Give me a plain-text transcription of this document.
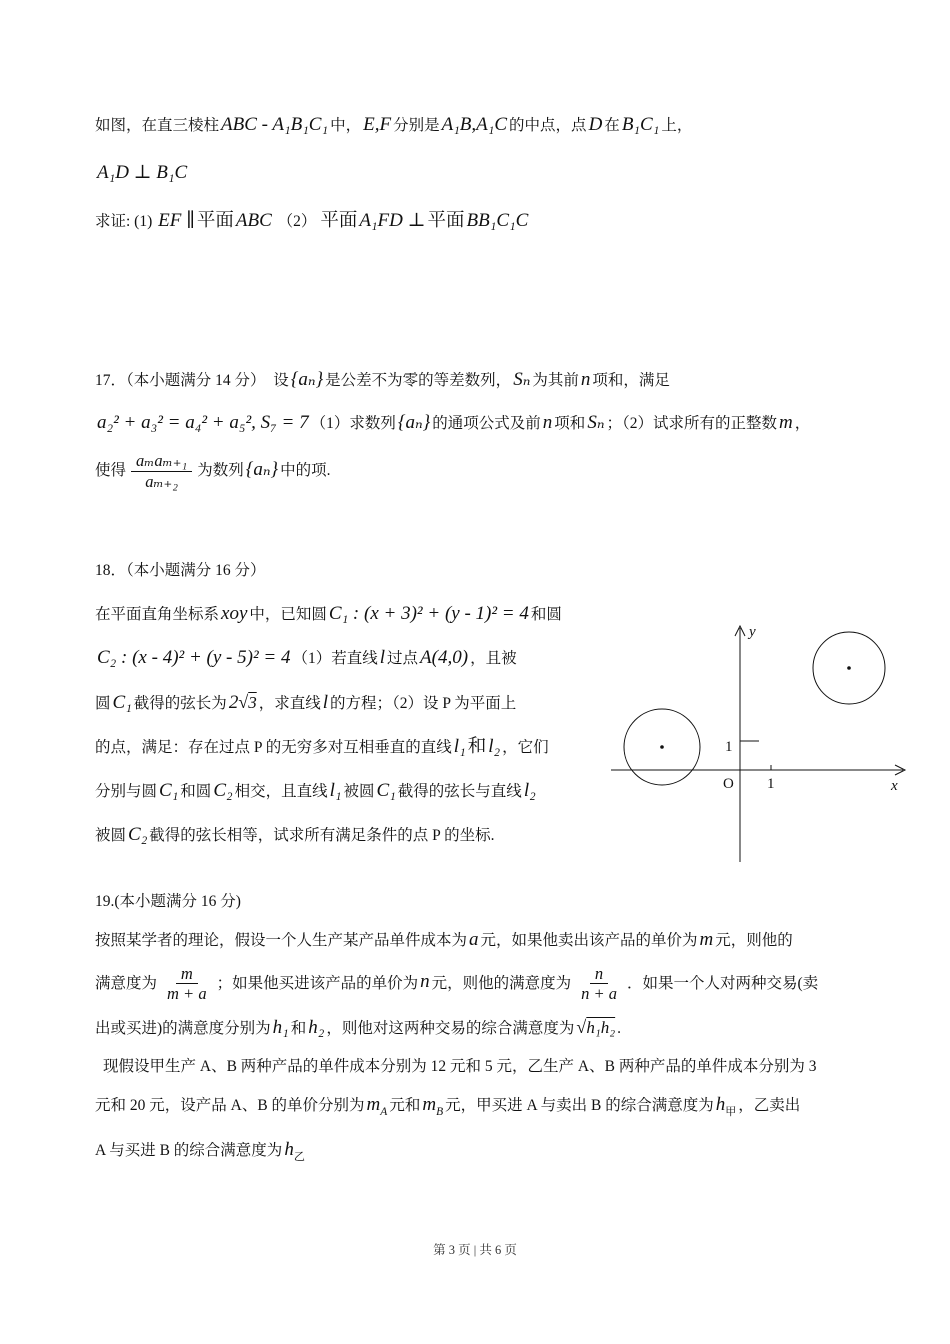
如图，在直三棱柱 ABC - A₁B₁C₁ 中， E,F 分别是 A₁B,A₁C 的中点，点 D 在 B₁C₁ 上，

A₁D ⊥ B₁C

求证: (1) EF ∥ 平面 ABC （2） 平面 A₁FD ⊥ 平面 BB₁C₁C

17．（本小题满分 14 分）　设 {aₙ} 是公差不为零的等差数列， Sₙ 为其前 n 项和，满足

a₂² + a₃² = a₄² + a₅², S₇ = 7 （1）求数列 {aₙ} 的通项公式及前 n 项和 Sₙ ；（2）试求所有的正整数 m ，

使得 $\frac{\text{aₘaₘ₊₁}}{\text{aₘ₊₂}}$ 为数列 {aₙ} 中的项.

18．（本小题满分 16 分）

在平面直角坐标系 xoy 中，已知圆 C₁ : (x + 3)² + (y - 1)² = 4 和圆

C₂ : (x - 4)² + (y - 5)² = 4 （1）若直线 l 过点 A(4,0) ，且被

圆 C₁ 截得的弦长为 2√3 ，求直线 l 的方程；（2）设 P 为平面上

的点，满足：存在过点 P 的无穷多对互相垂直的直线 l₁ 和 l₂ ，它们

分别与圆 C₁ 和圆 C₂ 相交，且直线 l₁ 被圆 C₁ 截得的弦长与直线 l₂

被圆 C₂ 截得的弦长相等，试求所有满足条件的点 P 的坐标.

y
x
O 1
1

19.(本小题满分 16 分)

按照某学者的理论，假设一个人生产某产品单件成本为 a 元，如果他卖出该产品的单价为 m 元，则他的

满意度为 $\frac{m}{m + a}$ ；如果他买进该产品的单价为 n 元，则他的满意度为 $\frac{n}{n + a}$ ．如果一个人对两种交易(卖

出或买进)的满意度分别为 h₁ 和 h₂ ，则他对这两种交易的综合满意度为 √h₁h₂ .

现假设甲生产 A、B 两种产品的单件成本分别为 12 元和 5 元，乙生产 A、B 两种产品的单件成本分别为 3

元和 20 元，设产品 A、B 的单价分别为 $m_A$ 元和 $m_B$ 元，甲买进 A 与卖出 B 的综合满意度为 $h_甲$ ，乙卖出

A 与买进 B 的综合满意度为 $h_乙$

第 3 页 | 共 6 页
